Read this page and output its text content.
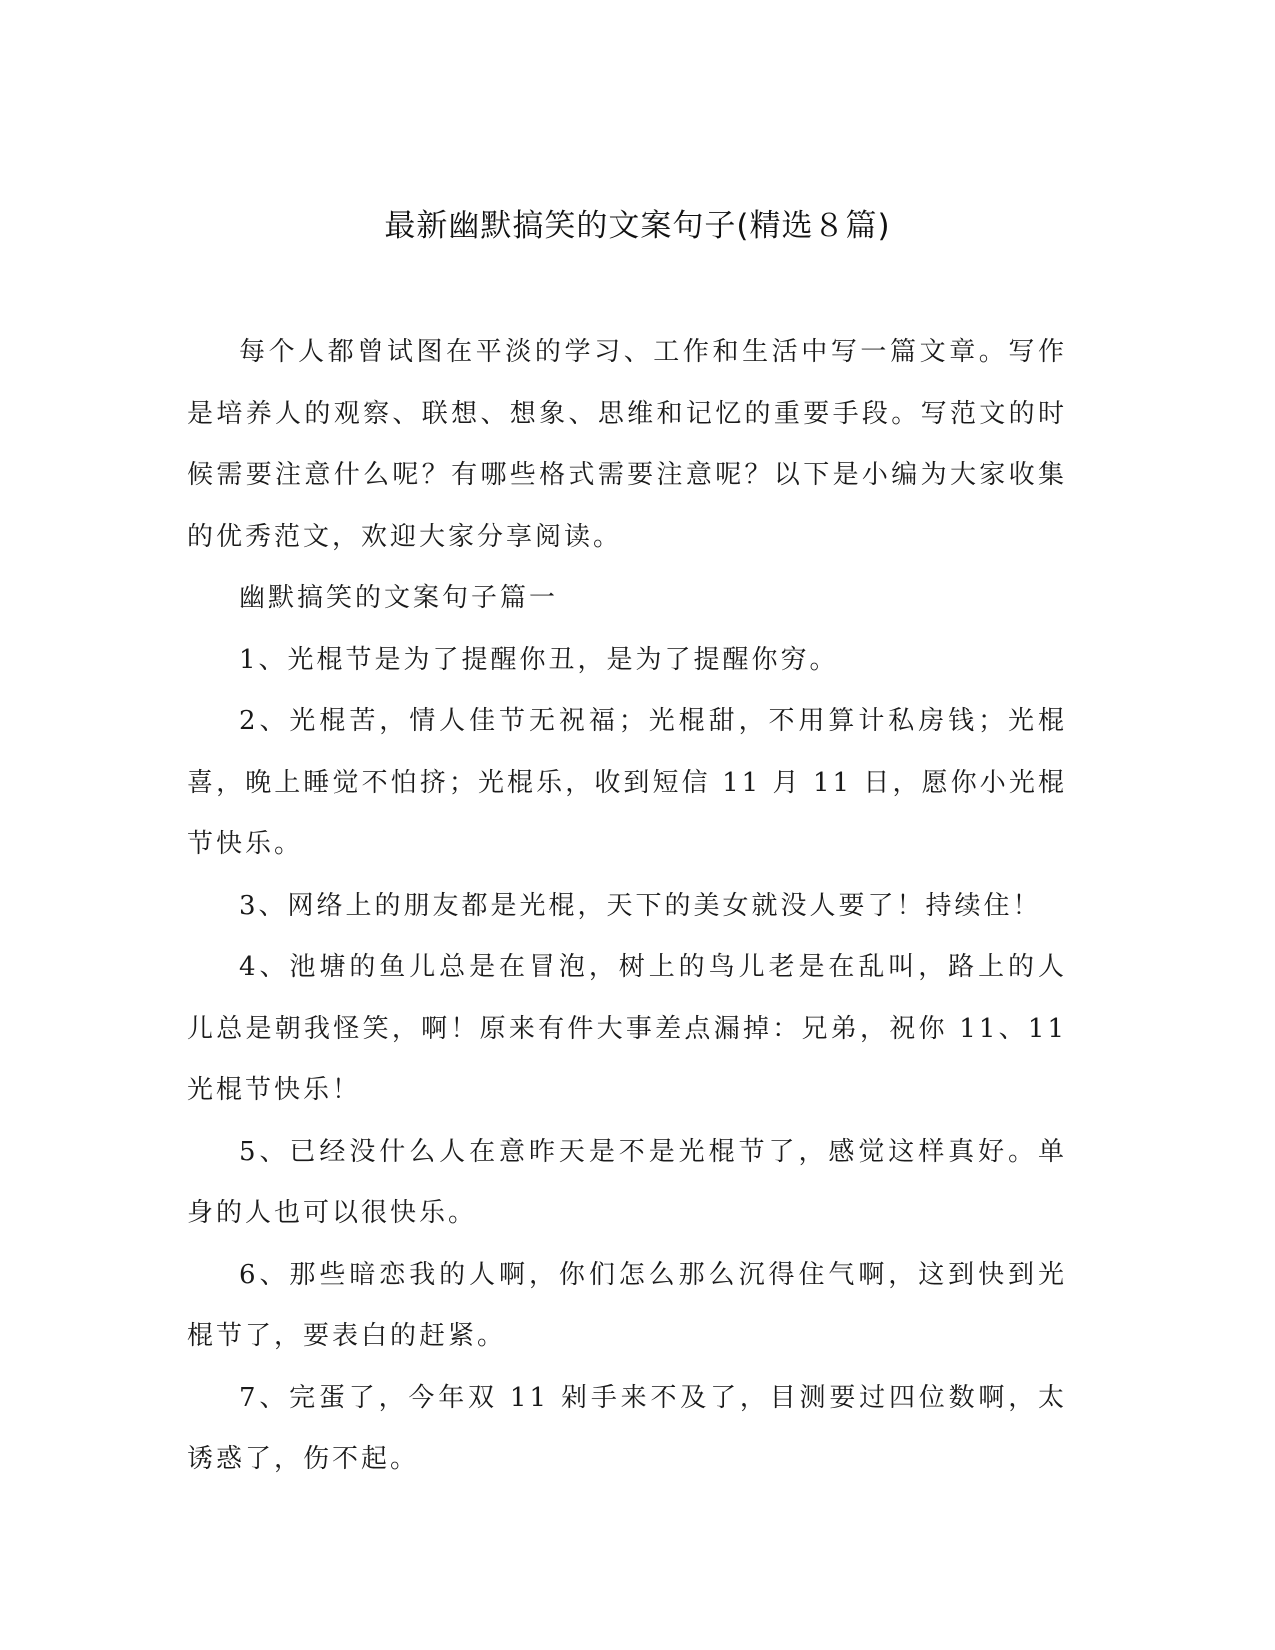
最新幽默搞笑的文案句子(精选８篇)

每个人都曾试图在平淡的学习、工作和生活中写一篇文章。写作是培养人的观察、联想、想象、思维和记忆的重要手段。写范文的时候需要注意什么呢？有哪些格式需要注意呢？以下是小编为大家收集的优秀范文，欢迎大家分享阅读。

幽默搞笑的文案句子篇一

1、光棍节是为了提醒你丑，是为了提醒你穷。

2、光棍苦，情人佳节无祝福；光棍甜，不用算计私房钱；光棍喜，晚上睡觉不怕挤；光棍乐，收到短信 11 月 11 日，愿你小光棍节快乐。

3、网络上的朋友都是光棍，天下的美女就没人要了！持续住！

4、池塘的鱼儿总是在冒泡，树上的鸟儿老是在乱叫，路上的人儿总是朝我怪笑，啊！原来有件大事差点漏掉：兄弟，祝你 11、11 光棍节快乐！

5、已经没什么人在意昨天是不是光棍节了，感觉这样真好。单身的人也可以很快乐。

6、那些暗恋我的人啊，你们怎么那么沉得住气啊，这到快到光棍节了，要表白的赶紧。

7、完蛋了，今年双 11 剁手来不及了，目测要过四位数啊，太诱惑了，伤不起。
